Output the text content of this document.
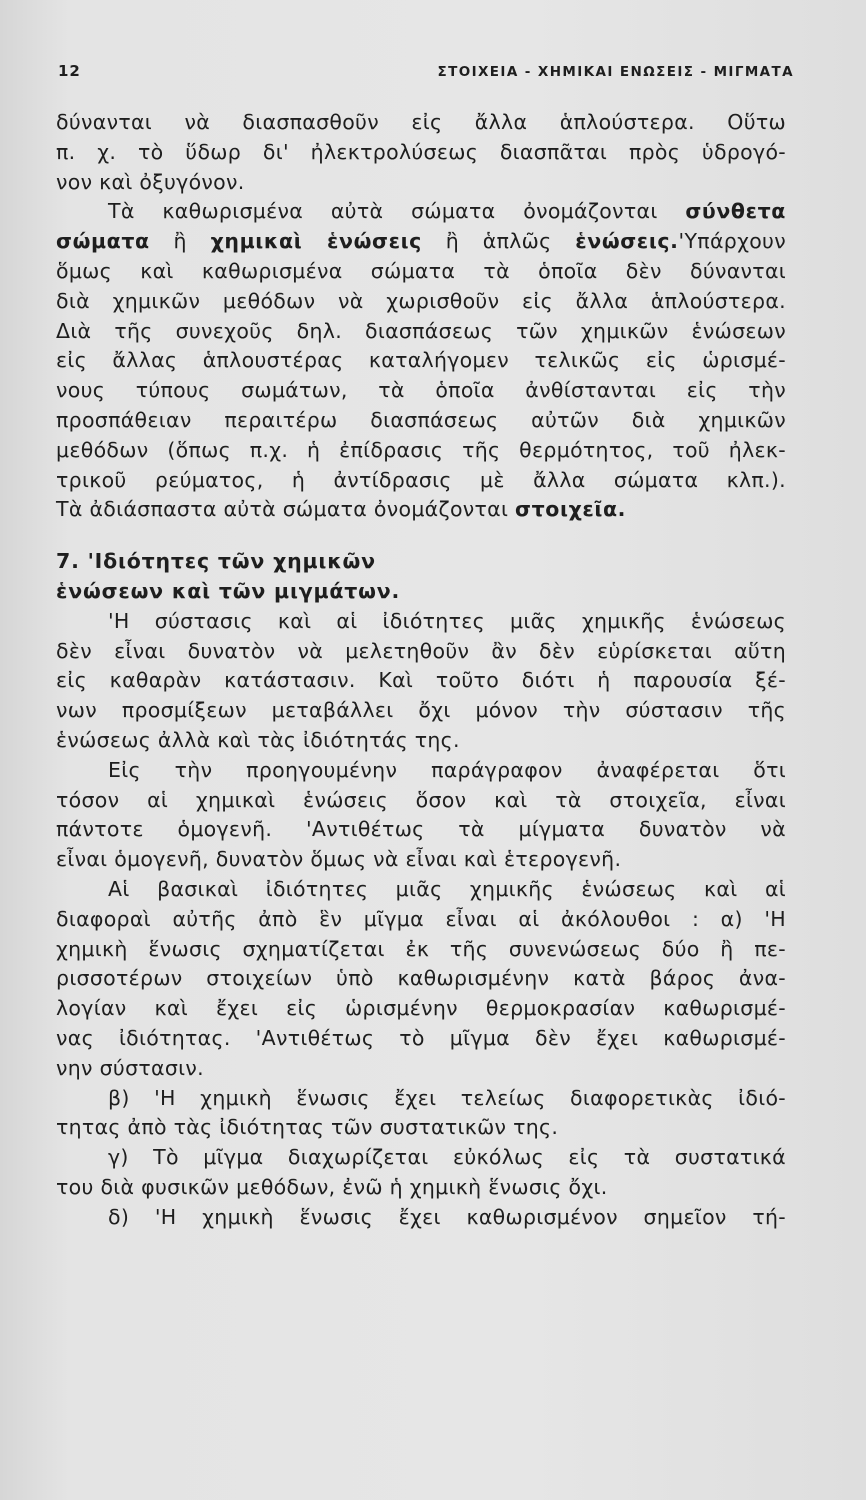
12	ΣΤΟΙΧΕΙΑ - ΧΗΜΙΚΑΙ ΕΝΩΣΕΙΣ - ΜΙΓΜΑΤΑ
δύνανται νὰ διασπασθοῦν εἰς ἄλλα ἁπλούστερα. Οὕτω
π. χ. τὸ ὕδωρ δι' ἠλεκτρολύσεως διασπᾶται πρὸς ὑδρογό-
νον καὶ ὀξυγόνον.
Τὰ καθωρισμένα αὐτὰ σώματα ὀνομάζονται σύνθετα
σώματα ἢ χημικαὶ ἑνώσεις ἢ ἁπλῶς ἑνώσεις.'Υπάρχουν
ὅμως καὶ καθωρισμένα σώματα τὰ ὁποῖα δὲν δύνανται
διὰ χημικῶν μεθόδων νὰ χωρισθοῦν εἰς ἄλλα ἁπλούστερα.
Διὰ τῆς συνεχοῦς δηλ. διασπάσεως τῶν χημικῶν ἑνώσεων
εἰς ἄλλας ἁπλουστέρας καταλήγομεν τελικῶς εἰς ὡρισμέ-
νους τύπους σωμάτων, τὰ ὁποῖα ἀνθίστανται εἰς τὴν
προσπάθειαν περαιτέρω διασπάσεως αὐτῶν διὰ χημικῶν
μεθόδων (ὅπως π.χ. ἡ ἐπίδρασις τῆς θερμότητος, τοῦ ἠλεκ-
τρικοῦ ρεύματος, ἡ ἀντίδρασις μὲ ἄλλα σώματα κλπ.).
Τὰ ἀδιάσπαστα αὐτὰ σώματα ὀνομάζονται στοιχεῖα.
7. 'Ιδιότητες τῶν χημικῶν
ἑνώσεων καὶ τῶν μιγμάτων.
'Η σύστασις καὶ αἱ ἰδιότητες μιᾶς χημικῆς ἑνώσεως
δὲν εἶναι δυνατὸν νὰ μελετηθοῦν ἂν δὲν εὑρίσκεται αὕτη
εἰς καθαρὰν κατάστασιν. Καὶ τοῦτο διότι ἡ παρουσία ξέ-
νων προσμίξεων μεταβάλλει ὄχι μόνον τὴν σύστασιν τῆς
ἑνώσεως ἀλλὰ καὶ τὰς ἰδιότητάς της.
Εἰς τὴν προηγουμένην παράγραφον ἀναφέρεται ὅτι
τόσον αἱ χημικαὶ ἑνώσεις ὅσον καὶ τὰ στοιχεῖα, εἶναι
πάντοτε ὁμογενῆ. 'Αντιθέτως τὰ μίγματα δυνατὸν νὰ
εἶναι ὁμογενῆ, δυνατὸν ὅμως νὰ εἶναι καὶ ἑτερογενῆ.
Αἱ βασικαὶ ἰδιότητες μιᾶς χημικῆς ἑνώσεως καὶ αἱ
διαφοραὶ αὐτῆς ἀπὸ ἓν μῖγμα εἶναι αἱ ἀκόλουθοι : α) 'Η
χημικὴ ἕνωσις σχηματίζεται ἐκ τῆς συνενώσεως δύο ἢ πε-
ρισσοτέρων στοιχείων ὑπὸ καθωρισμένην κατὰ βάρος ἀνα-
λογίαν καὶ ἔχει εἰς ὡρισμένην θερμοκρασίαν καθωρισμέ-
νας ἰδιότητας. 'Αντιθέτως τὸ μῖγμα δὲν ἔχει καθωρισμέ-
νην σύστασιν.
β) 'Η χημικὴ ἕνωσις ἔχει τελείως διαφορετικὰς ἰδιό-
τητας ἀπὸ τὰς ἰδιότητας τῶν συστατικῶν της.
γ) Τὸ μῖγμα διαχωρίζεται εὐκόλως εἰς τὰ συστατικά
του διὰ φυσικῶν μεθόδων, ἐνῶ ἡ χημικὴ ἕνωσις ὄχι.
δ) 'Η χημικὴ ἕνωσις ἔχει καθωρισμένον σημεῖον τή-
